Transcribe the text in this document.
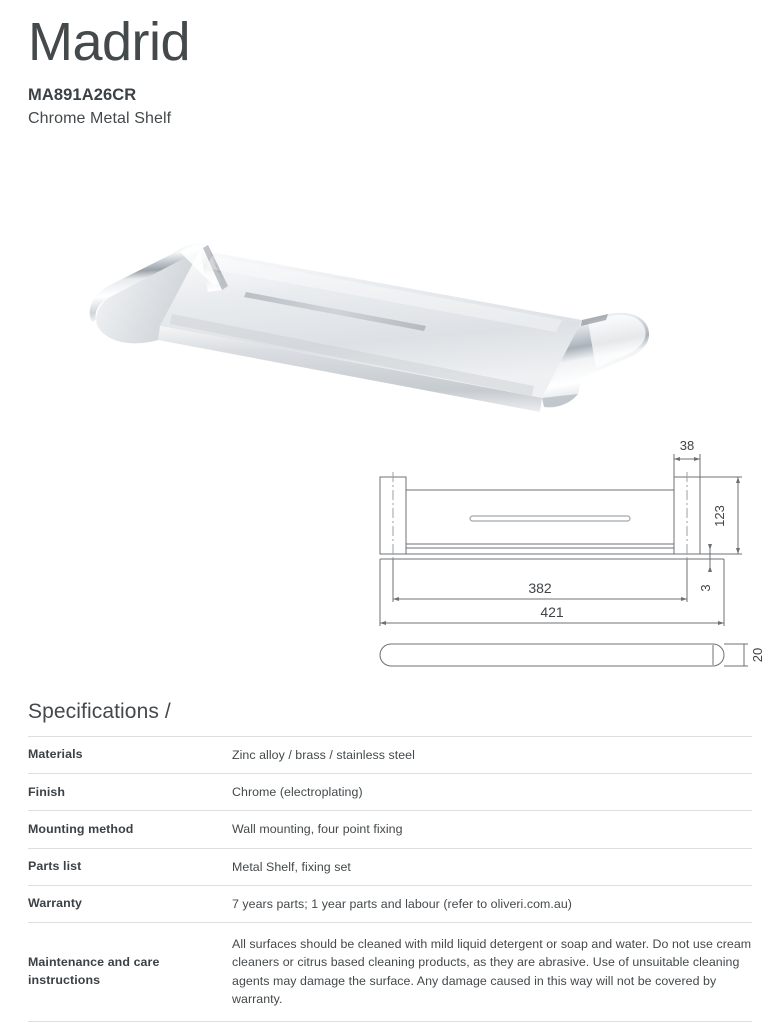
Madrid
MA891A26CR
Chrome Metal Shelf
38
123
3
382
421
20
Specifications /
Materials	Zinc alloy / brass / stainless steel
Finish	Chrome (electroplating)
Mounting method	Wall mounting, four point fixing
Parts list	Metal Shelf, fixing set
Warranty	7 years parts; 1 year parts and labour (refer to oliveri.com.au)
Maintenance and care instructions	All surfaces should be cleaned with mild liquid detergent or soap and water. Do not use cream cleaners or citrus based cleaning products, as they are abrasive. Use of unsuitable cleaning agents may damage the surface. Any damage caused in this way will not be covered by warranty.
